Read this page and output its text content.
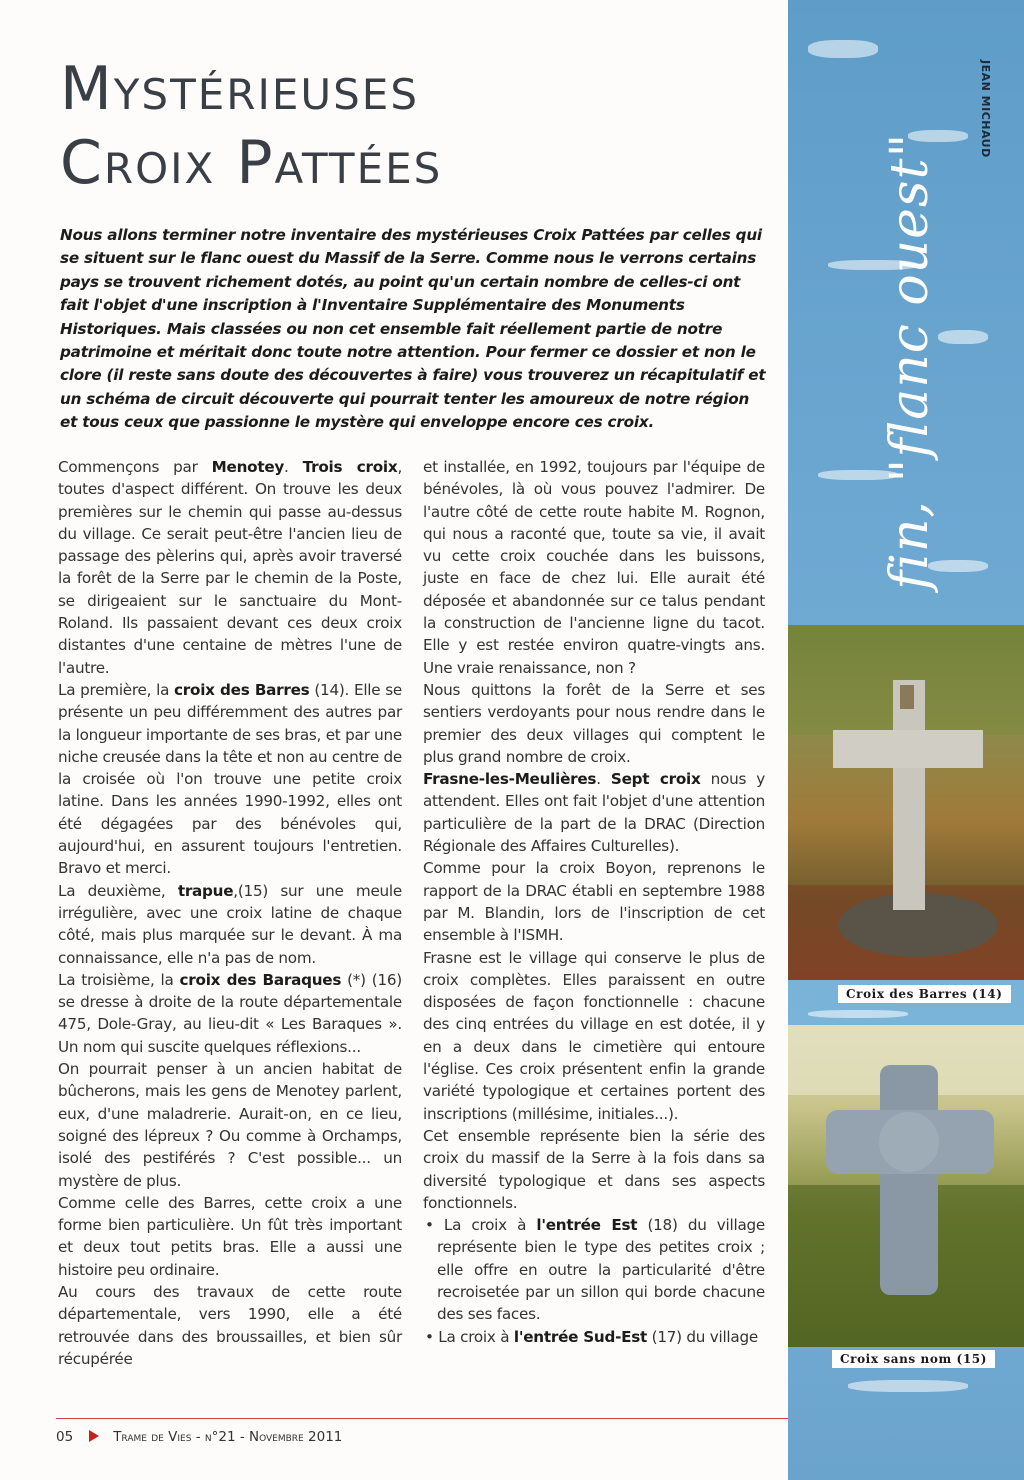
Mystérieuses
Croix Pattées

Nous allons terminer notre inventaire des mystérieuses Croix Pattées par celles qui se situent sur le flanc ouest du Massif de la Serre. Comme nous le verrons certains pays se trouvent richement dotés, au point qu'un certain nombre de celles-ci ont fait l'objet d'une inscription à l'Inventaire Supplémentaire des Monuments Historiques. Mais classées ou non cet ensemble fait réellement partie de notre patrimoine et méritait donc toute notre attention. Pour fermer ce dossier et non le clore (il reste sans doute des découvertes à faire) vous trouverez un récapitulatif et un schéma de circuit découverte qui pourrait tenter les amoureux de notre région et tous ceux que passionne le mystère qui enveloppe encore ces croix.

Commençons par Menotey. Trois croix, toutes d'aspect différent. On trouve les deux premières sur le chemin qui passe au-dessus du village. Ce serait peut-être l'ancien lieu de passage des pèlerins qui, après avoir traversé la forêt de la Serre par le chemin de la Poste, se dirigeaient sur le sanctuaire du Mont-Roland. Ils passaient devant ces deux croix distantes d'une centaine de mètres l'une de l'autre.

La première, la croix des Barres (14). Elle se présente un peu différemment des autres par la longueur importante de ses bras, et par une niche creusée dans la tête et non au centre de la croisée où l'on trouve une petite croix latine. Dans les années 1990-1992, elles ont été dégagées par des bénévoles qui, aujourd'hui, en assurent toujours l'entretien. Bravo et merci.

La deuxième, trapue,(15) sur une meule irrégulière, avec une croix latine de chaque côté, mais plus marquée sur le devant. À ma connaissance, elle n'a pas de nom.

La troisième, la croix des Baraques (*) (16) se dresse à droite de la route départementale 475, Dole-Gray, au lieu-dit « Les Baraques ». Un nom qui suscite quelques réflexions...

On pourrait penser à un ancien habitat de bûcherons, mais les gens de Menotey parlent, eux, d'une maladrerie. Aurait-on, en ce lieu, soigné des lépreux ? Ou comme à Orchamps, isolé des pestiférés ? C'est possible... un mystère de plus.

Comme celle des Barres, cette croix a une forme bien particulière. Un fût très important et deux tout petits bras. Elle a aussi une histoire peu ordinaire.

Au cours des travaux de cette route départementale, vers 1990, elle a été retrouvée dans des broussailles, et bien sûr récupérée

et installée, en 1992, toujours par l'équipe de bénévoles, là où vous pouvez l'admirer. De l'autre côté de cette route habite M. Rognon, qui nous a raconté que, toute sa vie, il avait vu cette croix couchée dans les buissons, juste en face de chez lui. Elle aurait été déposée et abandonnée sur ce talus pendant la construction de l'ancienne ligne du tacot. Elle y est restée environ quatre-vingts ans. Une vraie renaissance, non ?

Nous quittons la forêt de la Serre et ses sentiers verdoyants pour nous rendre dans le premier des deux villages qui comptent le plus grand nombre de croix.

Frasne-les-Meulières. Sept croix nous y attendent. Elles ont fait l'objet d'une attention particulière de la part de la DRAC (Direction Régionale des Affaires Culturelles).

Comme pour la croix Boyon, reprenons le rapport de la DRAC établi en septembre 1988 par M. Blandin, lors de l'inscription de cet ensemble à l'ISMH.

Frasne est le village qui conserve le plus de croix complètes. Elles paraissent en outre disposées de façon fonctionnelle : chacune des cinq entrées du village en est dotée, il y en a deux dans le cimetière qui entoure l'église. Ces croix présentent enfin la grande variété typologique et certaines portent des inscriptions (millésime, initiales...).

Cet ensemble représente bien la série des croix du massif de la Serre à la fois dans sa diversité typologique et dans ses aspects fonctionnels.

• La croix à l'entrée Est (18) du village représente bien le type des petites croix ; elle offre en outre la particularité d'être recroisetée par un sillon qui borde chacune des ses faces.

• La croix à l'entrée Sud-Est (17) du village

JEAN MICHAUD
fin, "flanc ouest"
Croix des Barres (14)
Croix sans nom (15)
05	Trame de Vies - n°21 - Novembre 2011
